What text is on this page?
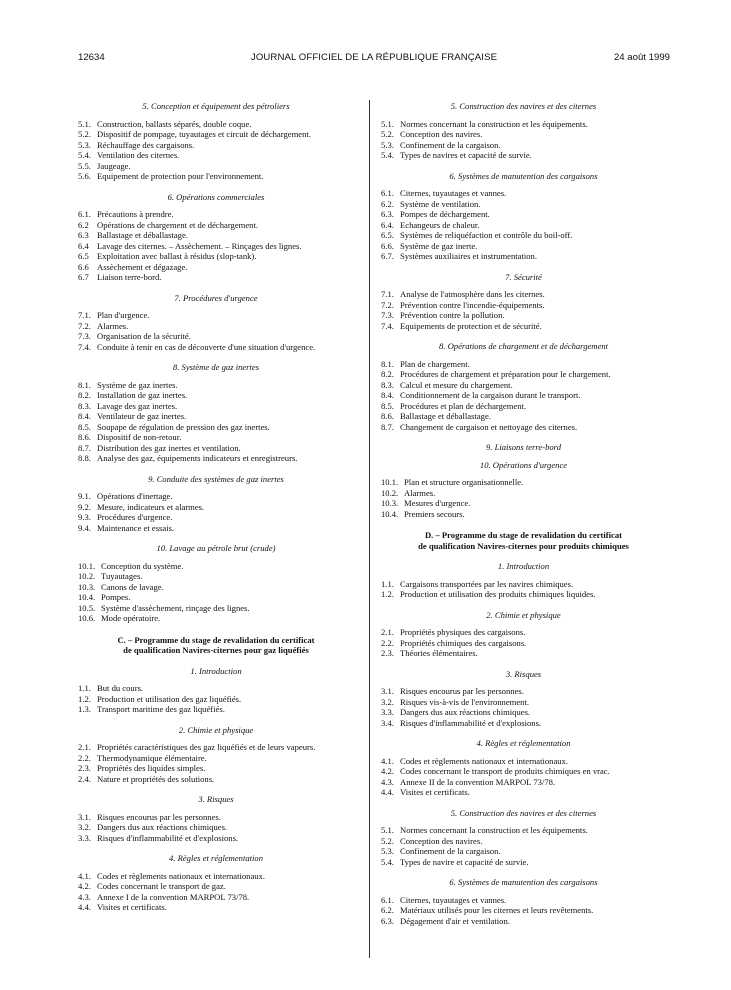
12634	JOURNAL OFFICIEL DE LA RÉPUBLIQUE FRANÇAISE	24 août 1999
5. Conception et équipement des pétroliers
5.1. Construction, ballasts séparés, double coque.
5.2. Dispositif de pompage, tuyautages et circuit de déchargement.
5.3. Réchauffage des cargaisons.
5.4. Ventilation des citernes.
5.5. Jaugeage.
5.6. Equipement de protection pour l'environnement.
6. Opérations commerciales
6.1. Précautions à prendre.
6.2 Opérations de chargement et de déchargement.
6.3 Ballastage et déballastage.
6.4 Lavage des citernes. – Assèchement. – Rinçages des lignes.
6.5 Exploitation avec ballast à résidus (slop-tank).
6.6 Assèchement et dégazage.
6.7 Liaison terre-bord.
7. Procédures d'urgence
7.1. Plan d'urgence.
7.2. Alarmes.
7.3. Organisation de la sécurité.
7.4. Conduite à tenir en cas de découverte d'une situation d'urgence.
8. Système de gaz inertes
8.1. Système de gaz inertes.
8.2. Installation de gaz inertes.
8.3. Lavage des gaz inertes.
8.4. Ventilateur de gaz inertes.
8.5. Soupape de régulation de pression des gaz inertes.
8.6. Dispositif de non-retour.
8.7. Distribution des gaz inertes et ventilation.
8.8. Analyse des gaz, équipements indicateurs et enregistreurs.
9. Conduite des systèmes de gaz inertes
9.1. Opérations d'inertage.
9.2. Mesure, indicateurs et alarmes.
9.3. Procédures d'urgence.
9.4. Maintenance et essais.
10. Lavage au pétrole brut (crude)
10.1. Conception du système.
10.2. Tuyautages.
10.3. Canons de lavage.
10.4. Pompes.
10.5. Système d'assèchement, rinçage des lignes.
10.6. Mode opératoire.
C. – Programme du stage de revalidation du certificat
de qualification Navires-citernes pour gaz liquéfiés
1. Introduction
1.1. But du cours.
1.2. Production et utilisation des gaz liquéfiés.
1.3. Transport maritime des gaz liquéfiés.
2. Chimie et physique
2.1. Propriétés caractéristiques des gaz liquéfiés et de leurs vapeurs.
2.2. Thermodynamique élémentaire.
2.3. Propriétés des liquides simples.
2.4. Nature et propriétés des solutions.
3. Risques
3.1. Risques encourus par les personnes.
3.2. Dangers dus aux réactions chimiques.
3.3. Risques d'inflammabilité et d'explosions.
4. Règles et réglementation
4.1. Codes et règlements nationaux et internationaux.
4.2. Codes concernant le transport de gaz.
4.3. Annexe I de la convention MARPOL 73/78.
4.4. Visites et certificats.
5. Construction des navires et des citernes
5.1. Normes concernant la construction et les équipements.
5.2. Conception des navires.
5.3. Confinement de la cargaison.
5.4. Types de navires et capacité de survie.
6. Systèmes de manutention des cargaisons
6.1. Citernes, tuyautages et vannes.
6.2. Système de ventilation.
6.3. Pompes de déchargement.
6.4. Echangeurs de chaleur.
6.5. Systèmes de reliquéfaction et contrôle du boil-off.
6.6. Système de gaz inerte.
6.7. Systèmes auxiliaires et instrumentation.
7. Sécurité
7.1. Analyse de l'atmosphère dans les citernes.
7.2. Prévention contre l'incendie-équipements.
7.3. Prévention contre la pollution.
7.4. Equipements de protection et de sécurité.
8. Opérations de chargement et de déchargement
8.1. Plan de chargement.
8.2. Procédures de chargement et préparation pour le chargement.
8.3. Calcul et mesure du chargement.
8.4. Conditionnement de la cargaison durant le transport.
8.5. Procédures et plan de déchargement.
8.6. Ballastage et déballastage.
8.7. Changement de cargaison et nettoyage des citernes.
9. Liaisons terre-bord
10. Opérations d'urgence
10.1. Plan et structure organisationnelle.
10.2. Alarmes.
10.3. Mesures d'urgence.
10.4. Premiers secours.
D. – Programme du stage de revalidation du certificat
de qualification Navires-citernes pour produits chimiques
1. Introduction
1.1. Cargaisons transportées par les navires chimiques.
1.2. Production et utilisation des produits chimiques liquides.
2. Chimie et physique
2.1. Propriétés physiques des cargaisons.
2.2. Propriétés chimiques des cargaisons.
2.3. Théories élémentaires.
3. Risques
3.1. Risques encourus par les personnes.
3.2. Risques vis-à-vis de l'environnement.
3.3. Dangers dus aux réactions chimiques.
3.4. Risques d'inflammabilité et d'explosions.
4. Règles et réglementation
4.1. Codes et règlements nationaux et internationaux.
4.2. Codes concernant le transport de produits chimiques en vrac.
4.3. Annexe II de la convention MARPOL 73/78.
4.4. Visites et certificats.
5. Construction des navires et des citernes
5.1. Normes concernant la construction et les équipements.
5.2. Conception des navires.
5.3. Confinement de la cargaison.
5.4. Types de navire et capacité de survie.
6. Systèmes de manutention des cargaisons
6.1. Citernes, tuyautages et vannes.
6.2. Matériaux utilisés pour les citernes et leurs revêtements.
6.3. Dégagement d'air et ventilation.
